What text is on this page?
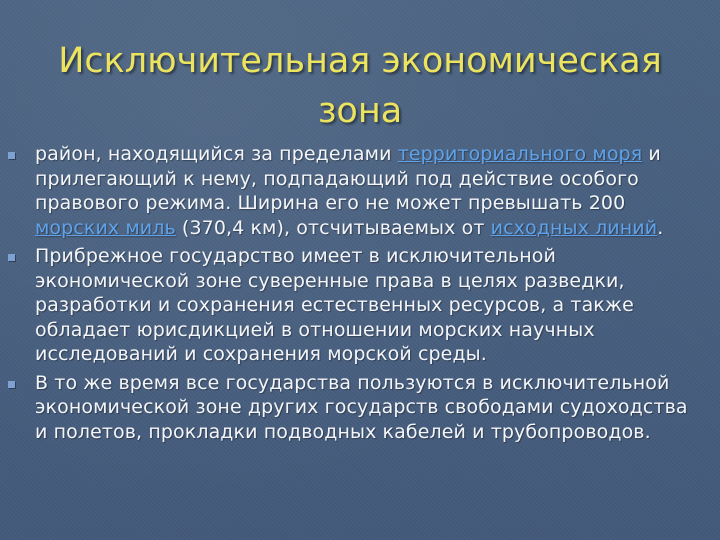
Исключительная экономическая зона
район, находящийся за пределами территориального моря и прилегающий к нему, подпадающий под действие особого правового режима. Ширина его не может превышать 200 морских миль (370,4 км), отсчитываемых от исходных линий.
Прибрежное государство имеет в исключительной экономической зоне суверенные права в целях разведки, разработки и сохранения естественных ресурсов, а также обладает юрисдикцией в отношении морских научных исследований и сохранения морской среды.
В то же время все государства пользуются в исключительной экономической зоне других государств свободами судоходства и полетов, прокладки подводных кабелей и трубопроводов.
